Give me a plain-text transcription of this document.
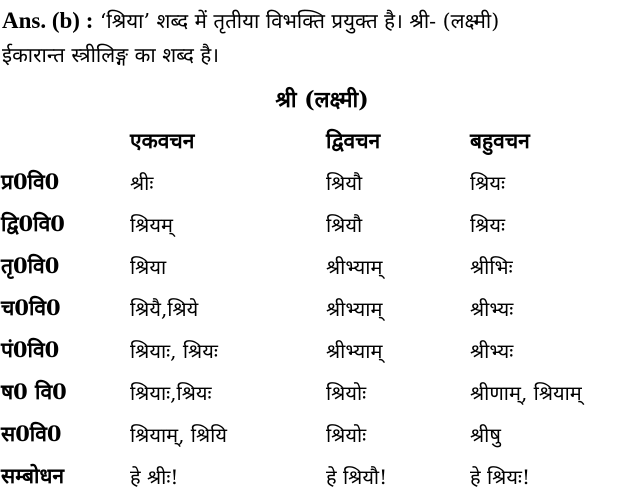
Ans. (b) : ‘श्रिया’ शब्द में तृतीया विभक्ति प्रयुक्त है। श्री- (लक्ष्मी)
ईकारान्त स्त्रीलिङ्ग का शब्द है।
श्री (लक्ष्मी)
	एकवचन	द्विवचन	बहुवचन
प्र0वि0	श्रीः	श्रियौ	श्रियः
द्वि0वि0	श्रियम्	श्रियौ	श्रियः
तृ0वि0	श्रिया	श्रीभ्याम्	श्रीभिः
च0वि0	श्रियै,श्रिये	श्रीभ्याम्	श्रीभ्यः
पं0वि0	श्रियाः, श्रियः	श्रीभ्याम्	श्रीभ्यः
ष0 वि0	श्रियाः,श्रियः	श्रियोः	श्रीणाम्, श्रियाम्
स0वि0	श्रियाम्, श्रियि	श्रियोः	श्रीषु
सम्बोधन	हे श्रीः!	हे श्रियौ!	हे श्रियः!
